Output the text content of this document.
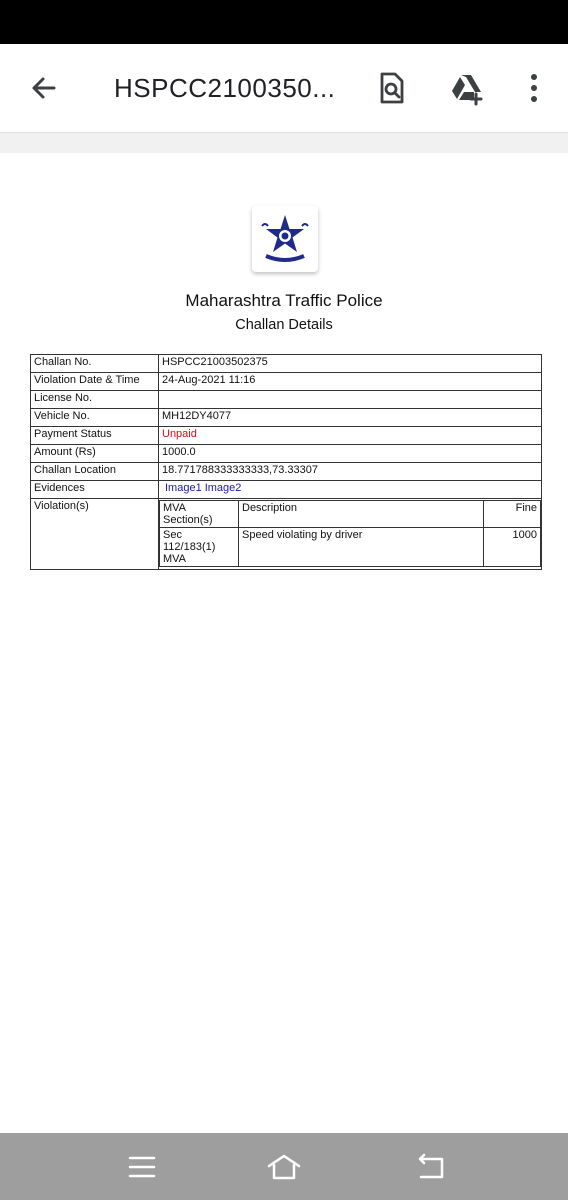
HSPCC2100350...
Maharashtra Traffic Police
Challan Details
Challan No.	HSPCC21003502375
Violation Date & Time	24-Aug-2021 11:16
License No.	
Vehicle No.	MH12DY4077
Payment Status	Unpaid
Amount (Rs)	1000.0
Challan Location	18.771788333333333,73.33307
Evidences	Image1 Image2
Violation(s)		MVA Section(s)	Description	Fine
Sec 112/183(1) MVA	Speed violating by driver	1000
